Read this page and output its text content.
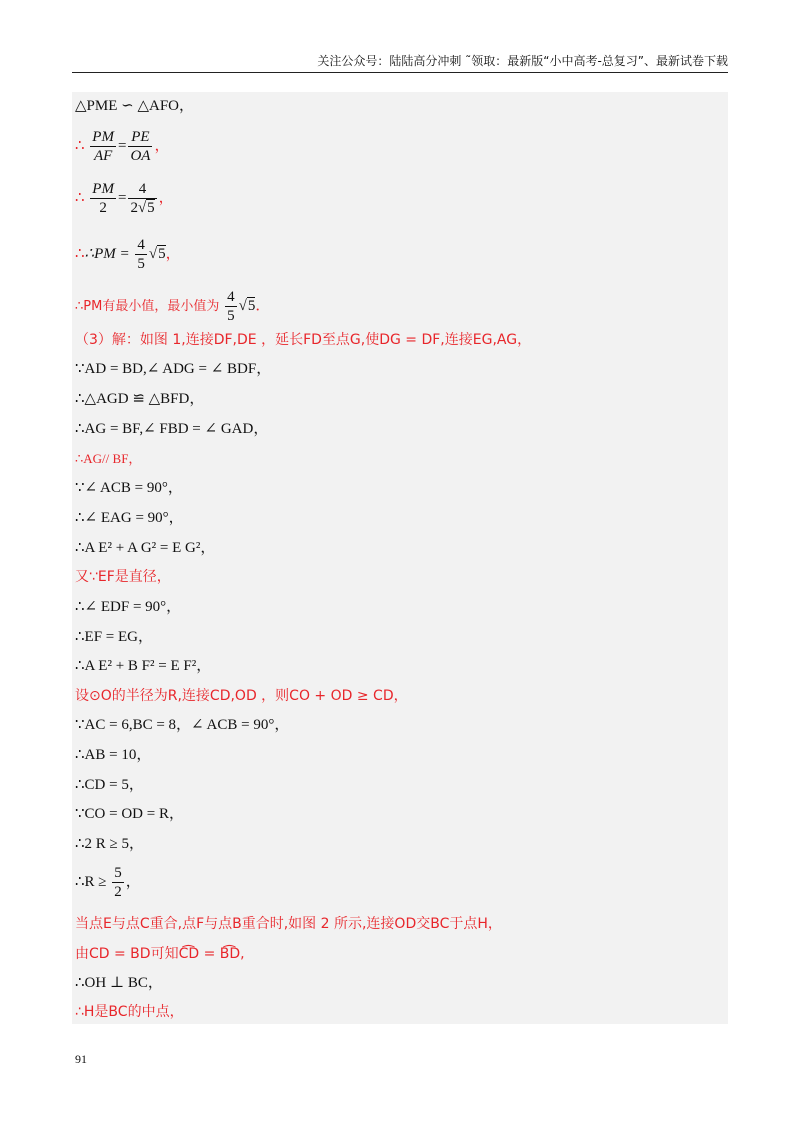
关注公众号：陆陆高分冲刺 ˜领取：最新版“小中高考-总复习”、最新试卷下载
△PME ∽ △AFO，
∴ $\frac{PM}{AF} = \frac{PE}{OA}$ ，
∴ $\frac{PM}{2} = \frac{4}{2√5}$ ，
∴∴PM = $\frac{4}{5} √5$，
∴PM有最小值，最小值为 $\frac{4}{5} √5$．
（3）解：如图 1,连接DF,DE ，延长FD至点G,使DG = DF,连接EG,AG，
∵AD = BD,∠ ADG = ∠ BDF，
∴△AGD ≌ △BFD，
∴AG = BF,∠ FBD = ∠ GAD，
∴AG// BF，
∵∠ ACB = 90°，
∴∠ EAG = 90°，
∴A E² + A G² = E G²，
又∵EF是直径，
∴∠ EDF = 90°，
∴EF = EG，
∴A E² + B F² = E F²，
设⊙O的半径为R,连接CD,OD ，则CO + OD ≥ CD，
∵AC = 6,BC = 8，∠ ACB = 90°，
∴AB = 10，
∴CD = 5，
∵CO = OD = R，
∴2 R ≥ 5，
∴R ≥ $\frac{5}{2}$ ，
当点E与点C重合,点F与点B重合时,如图 2 所示,连接OD交BC于点H，
由CD = BD可知C͡D = B͡D,
∴OH ⊥ BC，
∴H是BC的中点，
91
